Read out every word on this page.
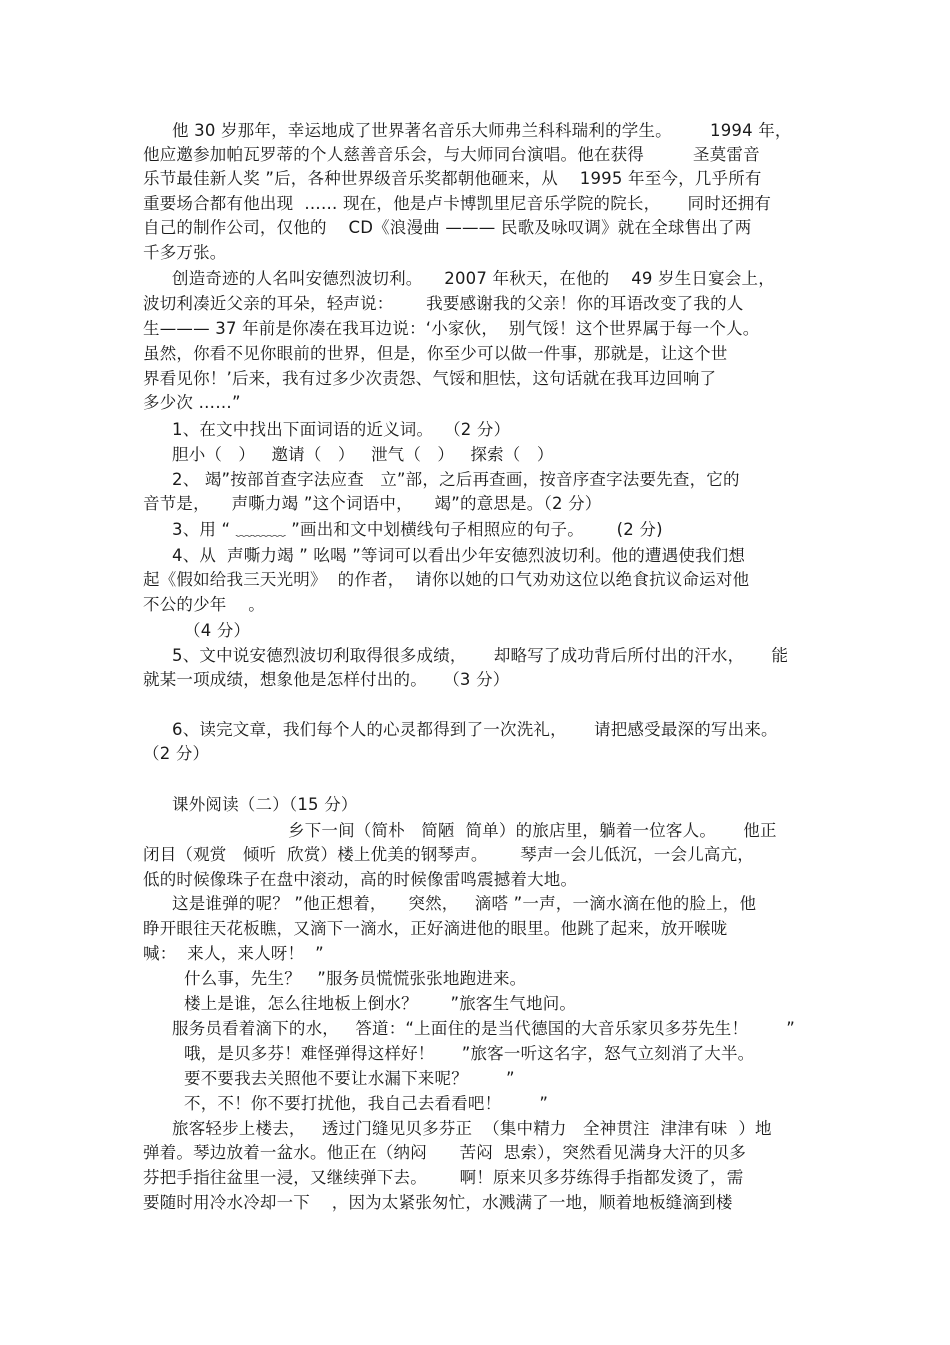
他 30 岁那年，幸运地成了世界著名音乐大师弗兰科科瑞利的学生。       1994 年，
他应邀参加帕瓦罗蒂的个人慈善音乐会，与大师同台演唱。他在获得         圣莫雷音
乐节最佳新人奖 ”后，各种世界级音乐奖都朝他砸来，从    1995 年至今，几乎所有
重要场合都有他出现  …… 现在，他是卢卡博凯里尼音乐学院的院长，     同时还拥有
自己的制作公司，仅他的    CD《浪漫曲 ——— 民歌及咏叹调》就在全球售出了两
千多万张。
创造奇迹的人名叫安德烈波切利。    2007 年秋天，在他的    49 岁生日宴会上，
波切利凑近父亲的耳朵，轻声说：      我要感谢我的父亲！你的耳语改变了我的人
生——— 37 年前是你凑在我耳边说：‘小家伙，  别气馁！这个世界属于每一个人。
虽然，你看不见你眼前的世界，但是，你至少可以做一件事，那就是，让这个世
界看见你！’后来，我有过多少次责怨、气馁和胆怯，这句话就在我耳边回响了
多少次 ……”
1、在文中找出下面词语的近义词。  （2 分）
胆小（   ）   邀请（   ）   泄气（   ）   探索（   ）
2、 竭”按部首查字法应查   立”部，之后再查画，按音序查字法要先查，它的
音节是，    声嘶力竭 ”这个词语中，    竭”的意思是。（2 分）
3、用 “ ﹏﹏﹏ ”画出和文中划横线句子相照应的句子。      (2 分)
4、从  声嘶力竭 ” 吆喝 ”等词可以看出少年安德烈波切利。他的遭遇使我们想
起《假如给我三天光明》  的作者，  请你以她的口气劝劝这位以绝食抗议命运对他
不公的少年    。
（4 分）
5、文中说安德烈波切利取得很多成绩，     却略写了成功背后所付出的汗水，     能
就某一项成绩，想象他是怎样付出的。   （3 分）
6、读完文章，我们每个人的心灵都得到了一次洗礼，     请把感受最深的写出来。
（2 分）
课外阅读（二）（15 分）
乡下一间（简朴   简陋  简单）的旅店里，躺着一位客人。     他正
闭目（观赏   倾听  欣赏）楼上优美的钢琴声。      琴声一会儿低沉，一会儿高亢，
低的时候像珠子在盘中滚动，高的时候像雷鸣震撼着大地。
这是谁弹的呢？ ”他正想着，    突然，   滴嗒 ”一声，一滴水滴在他的脸上，他
睁开眼往天花板瞧，又滴下一滴水，正好滴进他的眼里。他跳了起来，放开喉咙
喊：  来人，来人呀！  ”
什么事，先生？   ”服务员慌慌张张地跑进来。
楼上是谁，怎么往地板上倒水？      ”旅客生气地问。
服务员看着滴下的水，   答道：“上面住的是当代德国的大音乐家贝多芬先生！       ”
哦，是贝多芬！难怪弹得这样好！     ”旅客一听这名字，怒气立刻消了大半。
要不要我去关照他不要让水漏下来呢？       ”
不，不！你不要打扰他，我自己去看看吧！       ”
旅客轻步上楼去，   透过门缝见贝多芬正  （集中精力   全神贯注  津津有味  ）地
弹着。琴边放着一盆水。他正在（纳闷      苦闷  思索），突然看见满身大汗的贝多
芬把手指往盆里一浸，又继续弹下去。      啊！原来贝多芬练得手指都发烫了，需
要随时用冷水冷却一下    ，因为太紧张匆忙，水溅满了一地，顺着地板缝滴到楼
